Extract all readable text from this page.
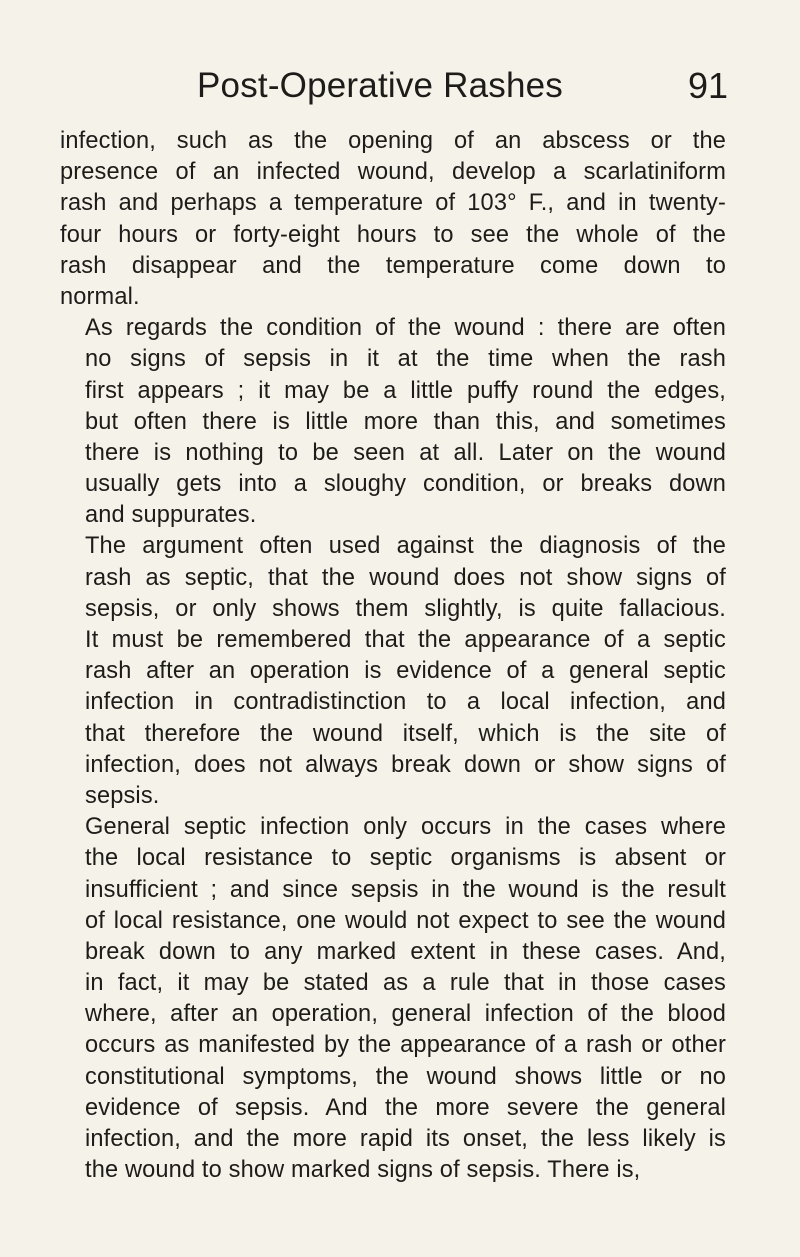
Post-Operative Rashes	91
infection, such as the opening of an abscess or the
presence of an infected wound, develop a scarlatiniform
rash and perhaps a temperature of 103° F., and in twenty-
four hours or forty-eight hours to see the whole of the
rash disappear and the temperature come down to
normal.
As regards the condition of the wound : there are often
no signs of sepsis in it at the time when the rash
first appears ; it may be a little puffy round the edges,
but often there is little more than this, and sometimes
there is nothing to be seen at all. Later on the wound
usually gets into a sloughy condition, or breaks down
and suppurates.
The argument often used against the diagnosis of the
rash as septic, that the wound does not show signs of
sepsis, or only shows them slightly, is quite fallacious.
It must be remembered that the appearance of a septic
rash after an operation is evidence of a general septic
infection in contradistinction to a local infection, and
that therefore the wound itself, which is the site of
infection, does not always break down or show signs of
sepsis.
General septic infection only occurs in the cases where
the local resistance to septic organisms is absent or
insufficient ; and since sepsis in the wound is the result
of local resistance, one would not expect to see the wound
break down to any marked extent in these cases. And,
in fact, it may be stated as a rule that in those cases
where, after an operation, general infection of the blood
occurs as manifested by the appearance of a rash or other
constitutional symptoms, the wound shows little or no
evidence of sepsis. And the more severe the general
infection, and the more rapid its onset, the less likely is
the wound to show marked signs of sepsis. There is,
